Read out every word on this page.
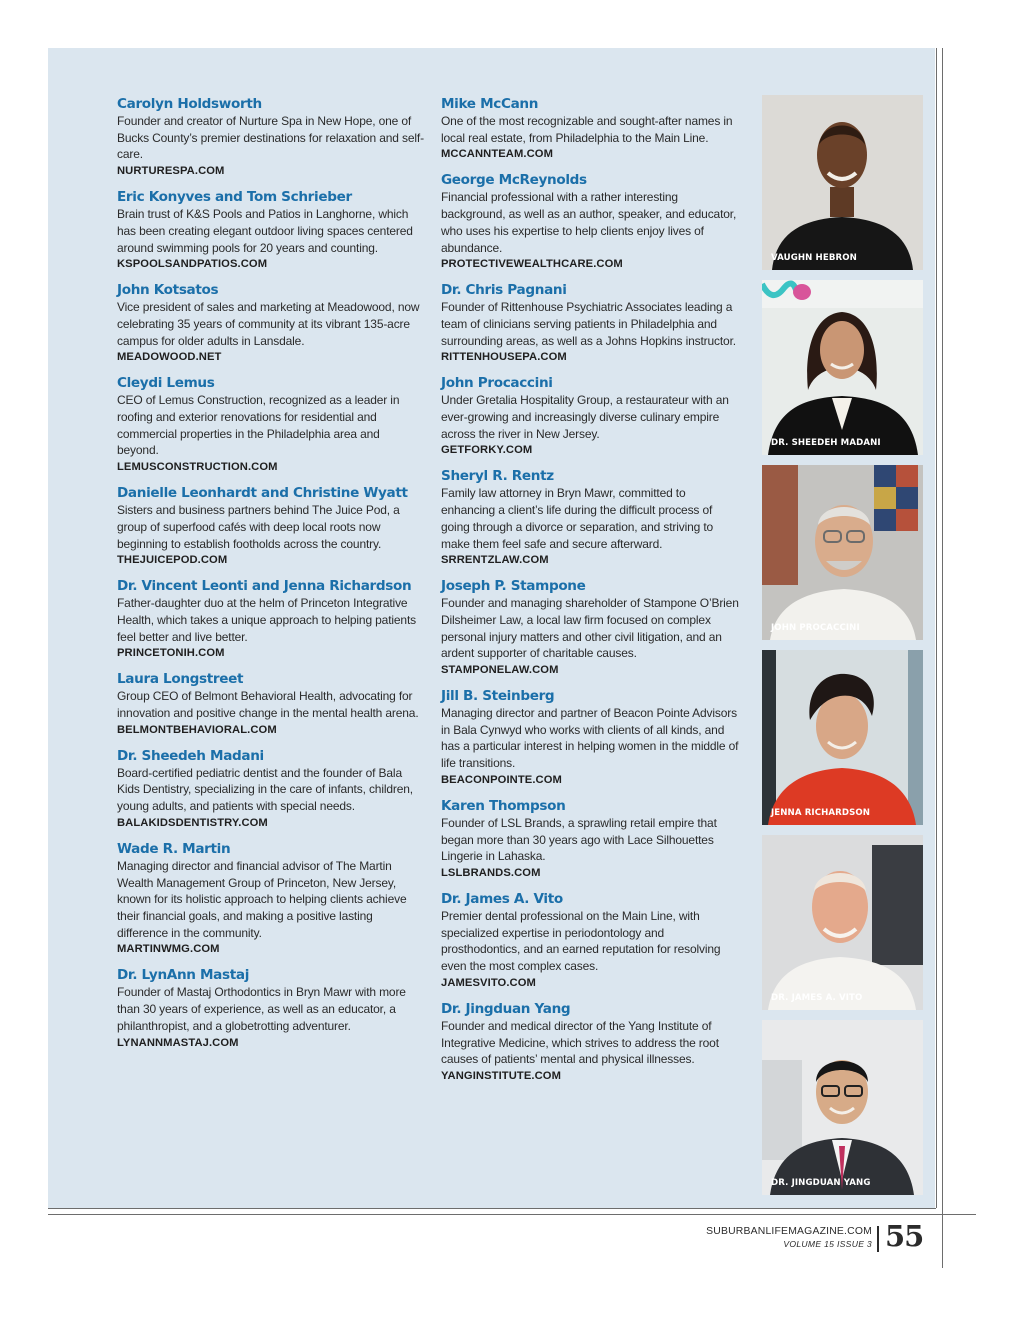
Carolyn Holdsworth
Founder and creator of Nurture Spa in New Hope, one of Bucks County’s premier destinations for relaxation and self-care.
NURTURESPA.COM
Eric Konyves and Tom Schrieber
Brain trust of K&S Pools and Patios in Langhorne, which has been creating elegant outdoor living spaces centered around swimming pools for 20 years and counting.
KSPOOLSANDPATIOS.COM
John Kotsatos
Vice president of sales and marketing at Meadowood, now celebrating 35 years of community at its vibrant 135-acre campus for older adults in Lansdale.
MEADOWOOD.NET
Cleydi Lemus
CEO of Lemus Construction, recognized as a leader in roofing and exterior renovations for residential and commercial properties in the Philadelphia area and beyond.
LEMUSCONSTRUCTION.COM
Danielle Leonhardt and Christine Wyatt
Sisters and business partners behind The Juice Pod, a group of superfood cafés with deep local roots now beginning to establish footholds across the country.
THEJUICEPOD.COM
Dr. Vincent Leonti and Jenna Richardson
Father-daughter duo at the helm of Princeton Integrative Health, which takes a unique approach to helping patients feel better and live better.
PRINCETONIH.COM
Laura Longstreet
Group CEO of Belmont Behavioral Health, advocating for innovation and positive change in the mental health arena.
BELMONTBEHAVIORAL.COM
Dr. Sheedeh Madani
Board-certified pediatric dentist and the founder of Bala Kids Dentistry, specializing in the care of infants, children, young adults, and patients with special needs.
BALAKIDSDENTISTRY.COM
Wade R. Martin
Managing director and financial advisor of The Martin Wealth Management Group of Princeton, New Jersey, known for its holistic approach to helping clients achieve their financial goals, and making a positive lasting difference in the community.
MARTINWMG.COM
Dr. LynAnn Mastaj
Founder of Mastaj Orthodontics in Bryn Mawr with more than 30 years of experience, as well as an educator, a philanthropist, and a globetrotting adventurer.
LYNANNMASTAJ.COM
Mike McCann
One of the most recognizable and sought-after names in local real estate, from Philadelphia to the Main Line.
MCCANNTEAM.COM
George McReynolds
Financial professional with a rather interesting background, as well as an author, speaker, and educator, who uses his expertise to help clients enjoy lives of abundance.
PROTECTIVEWEALTHCARE.COM
Dr. Chris Pagnani
Founder of Rittenhouse Psychiatric Associates leading a team of clinicians serving patients in Philadelphia and surrounding areas, as well as a Johns Hopkins instructor.
RITTENHOUSEPA.COM
John Procaccini
Under Gretalia Hospitality Group, a restaurateur with an ever-growing and increasingly diverse culinary empire across the river in New Jersey.
GETFORKY.COM
Sheryl R. Rentz
Family law attorney in Bryn Mawr, committed to enhancing a client’s life during the difficult process of going through a divorce or separation, and striving to make them feel safe and secure afterward.
SRRENTZLAW.COM
Joseph P. Stampone
Founder and managing shareholder of Stampone O’Brien Dilsheimer Law, a local law firm focused on complex personal injury matters and other civil litigation, and an ardent supporter of charitable causes.
STAMPONELAW.COM
Jill B. Steinberg
Managing director and partner of Beacon Pointe Advisors in Bala Cynwyd who works with clients of all kinds, and has a particular interest in helping women in the middle of life transitions.
BEACONPOINTE.COM
Karen Thompson
Founder of LSL Brands, a sprawling retail empire that began more than 30 years ago with Lace Silhouettes Lingerie in Lahaska.
LSLBRANDS.COM
Dr. James A. Vito
Premier dental professional on the Main Line, with specialized expertise in periodontology and prosthodontics, and an earned reputation for resolving even the most complex cases.
JAMESVITO.COM
Dr. Jingduan Yang
Founder and medical director of the Yang Institute of Integrative Medicine, which strives to address the root causes of patients’ mental and physical illnesses.
YANGINSTITUTE.COM
VAUGHN HEBRON
DR. SHEEDEH MADANI
JOHN PROCACCINI
JENNA RICHARDSON
DR. JAMES A. VITO
DR. JINGDUAN YANG
SUBURBANLIFEMAGAZINE.COM
VOLUME 15 ISSUE 3 55
